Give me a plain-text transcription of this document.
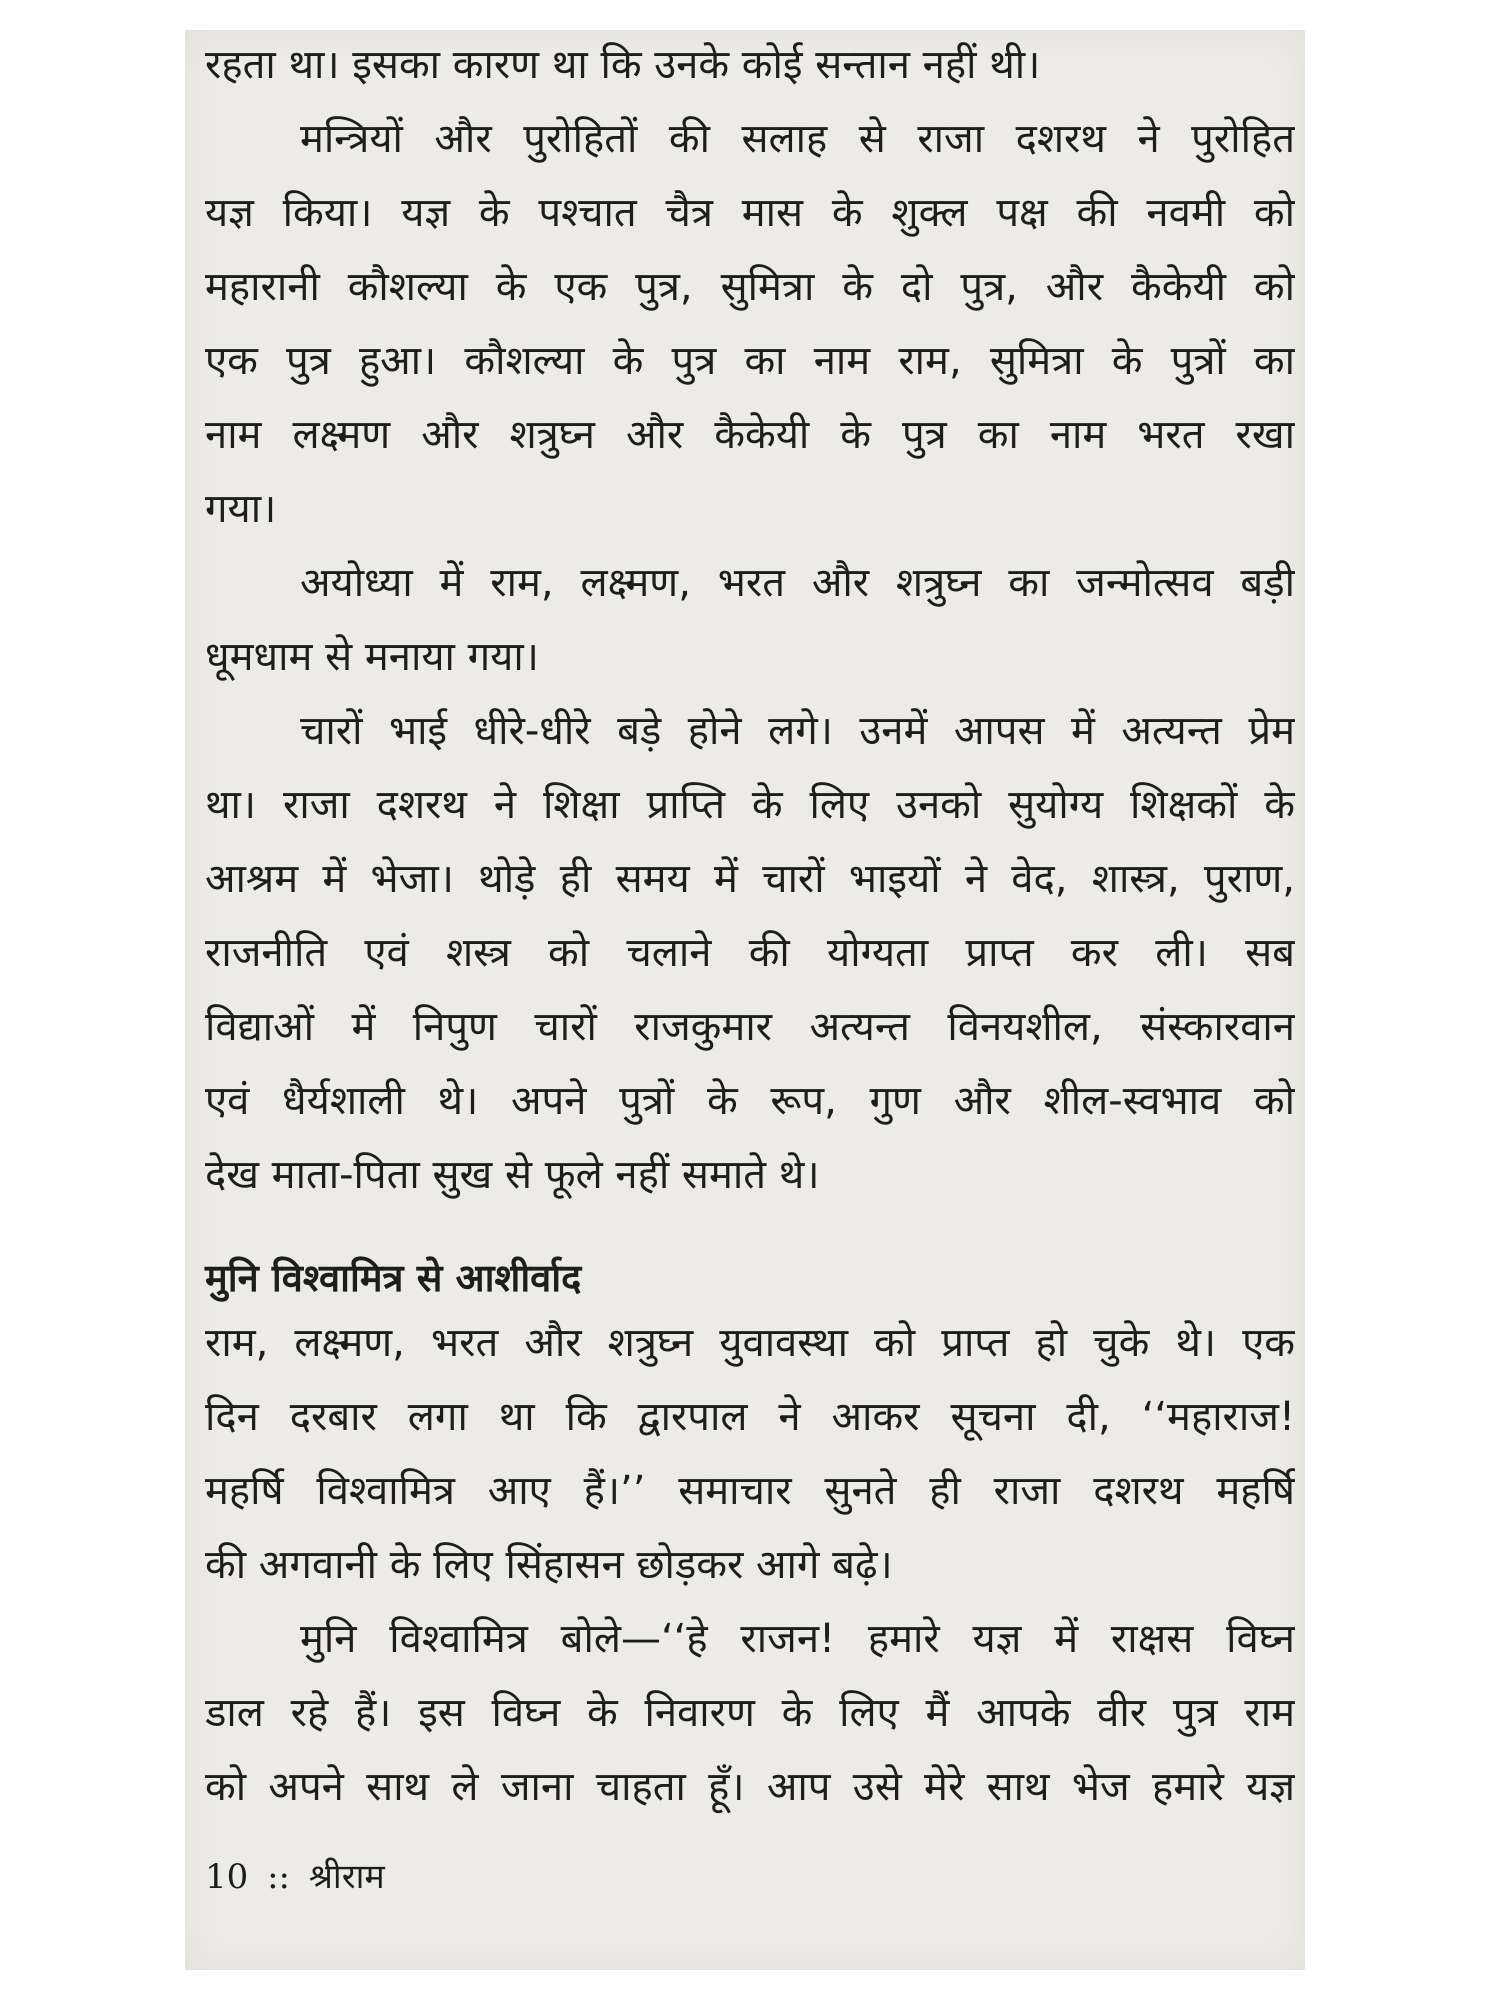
रहता था। इसका कारण था कि उनके कोई सन्तान नहीं थी।
मन्त्रियों और पुरोहितों की सलाह से राजा दशरथ ने पुरोहित
यज्ञ किया। यज्ञ के पश्चात चैत्र मास के शुक्ल पक्ष की नवमी को
महारानी कौशल्या के एक पुत्र, सुमित्रा के दो पुत्र, और कैकेयी को
एक पुत्र हुआ। कौशल्या के पुत्र का नाम राम, सुमित्रा के पुत्रों का
नाम लक्ष्मण और शत्रुघ्न और कैकेयी के पुत्र का नाम भरत रखा
गया।
अयोध्या में राम, लक्ष्मण, भरत और शत्रुघ्न का जन्मोत्सव बड़ी
धूमधाम से मनाया गया।
चारों भाई धीरे-धीरे बड़े होने लगे। उनमें आपस में अत्यन्त प्रेम
था। राजा दशरथ ने शिक्षा प्राप्ति के लिए उनको सुयोग्य शिक्षकों के
आश्रम में भेजा। थोड़े ही समय में चारों भाइयों ने वेद, शास्त्र, पुराण,
राजनीति एवं शस्त्र को चलाने की योग्यता प्राप्त कर ली। सब
विद्याओं में निपुण चारों राजकुमार अत्यन्त विनयशील, संस्कारवान
एवं धैर्यशाली थे। अपने पुत्रों के रूप, गुण और शील-स्वभाव को
देख माता-पिता सुख से फूले नहीं समाते थे।
मुनि विश्वामित्र से आशीर्वाद
राम, लक्ष्मण, भरत और शत्रुघ्न युवावस्था को प्राप्त हो चुके थे। एक
दिन दरबार लगा था कि द्वारपाल ने आकर सूचना दी, ‘‘महाराज!
महर्षि विश्वामित्र आए हैं।’’ समाचार सुनते ही राजा दशरथ महर्षि
की अगवानी के लिए सिंहासन छोड़कर आगे बढ़े।
मुनि विश्वामित्र बोले—‘‘हे राजन! हमारे यज्ञ में राक्षस विघ्न
डाल रहे हैं। इस विघ्न के निवारण के लिए मैं आपके वीर पुत्र राम
को अपने साथ ले जाना चाहता हूँ। आप उसे मेरे साथ भेज हमारे यज्ञ
10 :: श्रीराम
